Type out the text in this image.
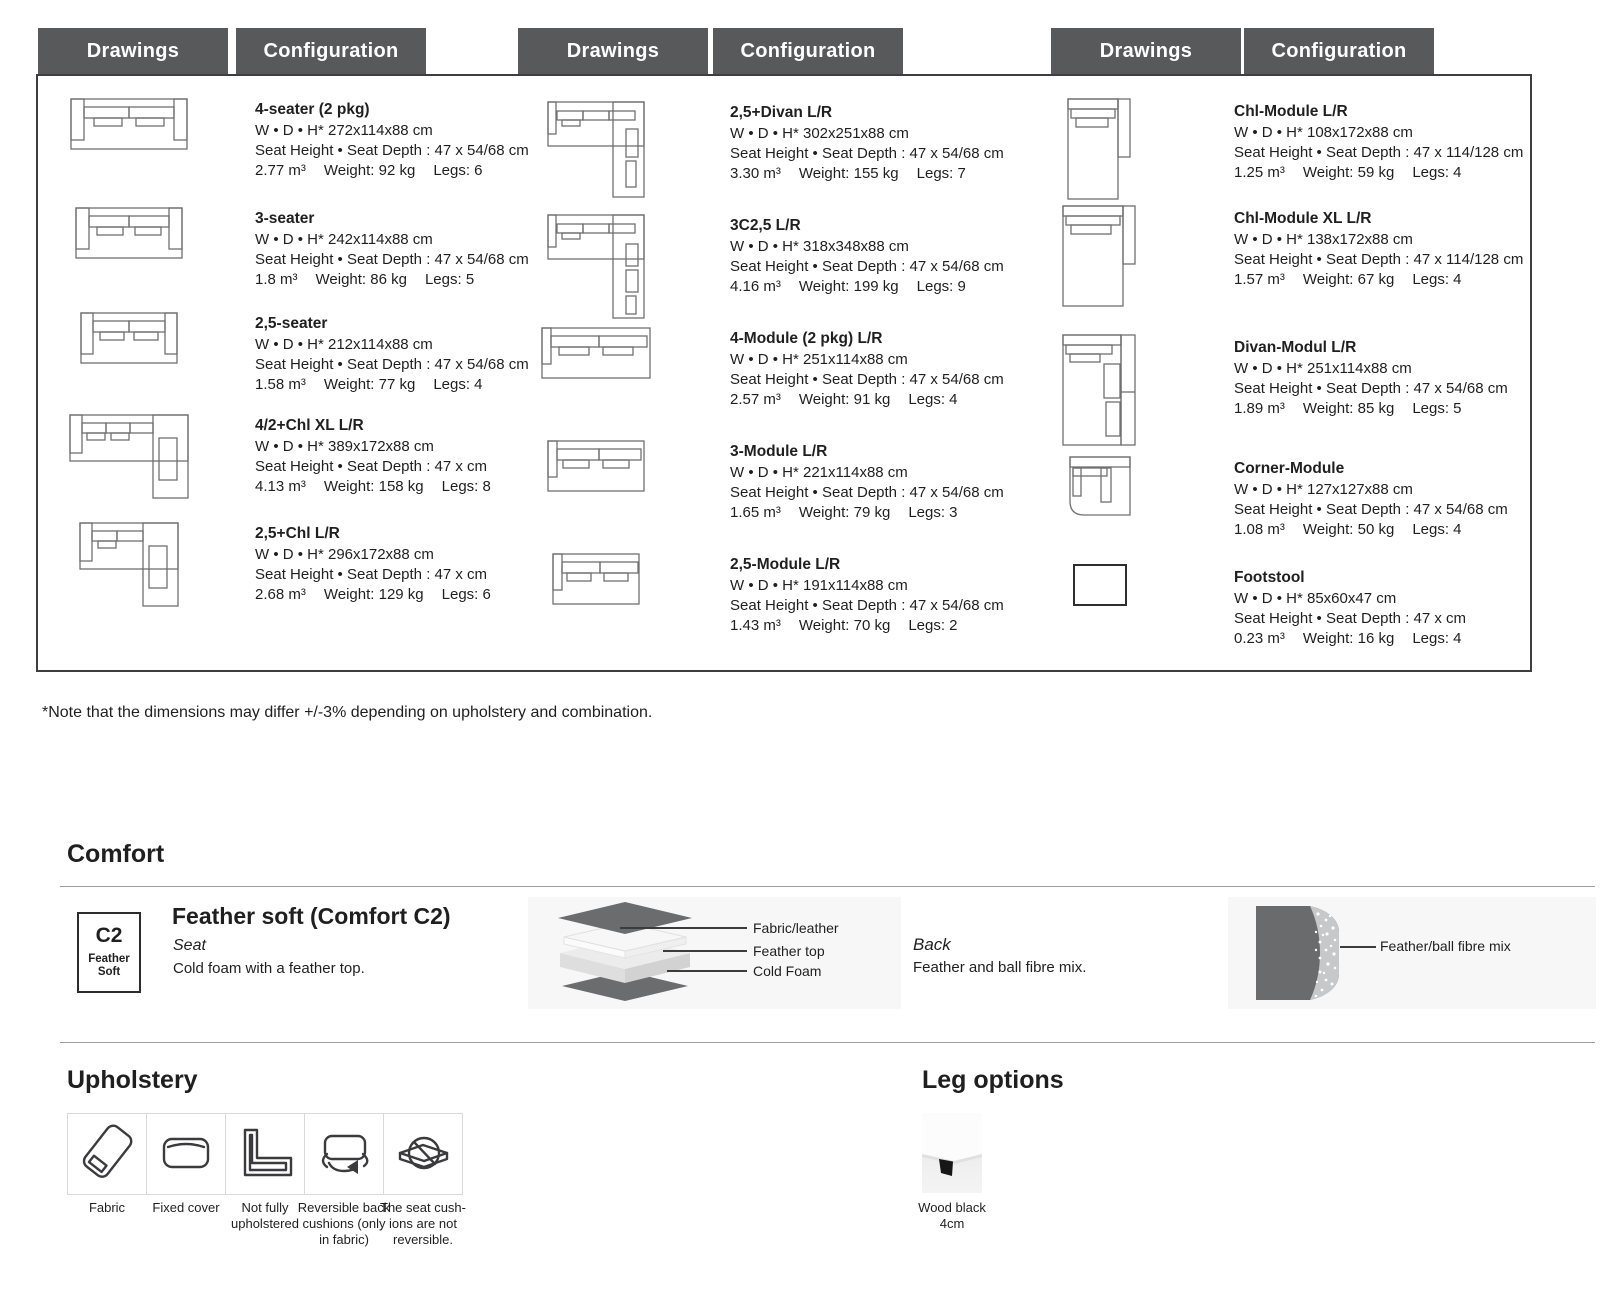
Drawings	Configuration	Drawings	Configuration	Drawings	Configuration
4-seater (2 pkg)
W • D • H* 272x114x88 cm
Seat Height • Seat Depth : 47 x 54/68 cm
2.77 m³ Weight: 92 kg Legs: 6
3-seater
W • D • H* 242x114x88 cm
Seat Height • Seat Depth : 47 x 54/68 cm
1.8 m³ Weight: 86 kg Legs: 5
2,5-seater
W • D • H* 212x114x88 cm
Seat Height • Seat Depth : 47 x 54/68 cm
1.58 m³ Weight: 77 kg Legs: 4
4/2+Chl XL L/R
W • D • H* 389x172x88 cm
Seat Height • Seat Depth : 47 x cm
4.13 m³ Weight: 158 kg Legs: 8
2,5+Chl L/R
W • D • H* 296x172x88 cm
Seat Height • Seat Depth : 47 x cm
2.68 m³ Weight: 129 kg Legs: 6
2,5+Divan L/R
W • D • H* 302x251x88 cm
Seat Height • Seat Depth : 47 x 54/68 cm
3.30 m³ Weight: 155 kg Legs: 7
3C2,5 L/R
W • D • H* 318x348x88 cm
Seat Height • Seat Depth : 47 x 54/68 cm
4.16 m³ Weight: 199 kg Legs: 9
4-Module (2 pkg) L/R
W • D • H* 251x114x88 cm
Seat Height • Seat Depth : 47 x 54/68 cm
2.57 m³ Weight: 91 kg Legs: 4
3-Module L/R
W • D • H* 221x114x88 cm
Seat Height • Seat Depth : 47 x 54/68 cm
1.65 m³ Weight: 79 kg Legs: 3
2,5-Module L/R
W • D • H* 191x114x88 cm
Seat Height • Seat Depth : 47 x 54/68 cm
1.43 m³ Weight: 70 kg Legs: 2
Chl-Module L/R
W • D • H* 108x172x88 cm
Seat Height • Seat Depth : 47 x 114/128 cm
1.25 m³ Weight: 59 kg Legs: 4
Chl-Module XL L/R
W • D • H* 138x172x88 cm
Seat Height • Seat Depth : 47 x 114/128 cm
1.57 m³ Weight: 67 kg Legs: 4
Divan-Modul L/R
W • D • H* 251x114x88 cm
Seat Height • Seat Depth : 47 x 54/68 cm
1.89 m³ Weight: 85 kg Legs: 5
Corner-Module
W • D • H* 127x127x88 cm
Seat Height • Seat Depth : 47 x 54/68 cm
1.08 m³ Weight: 50 kg Legs: 4
Footstool
W • D • H* 85x60x47 cm
Seat Height • Seat Depth : 47 x cm
0.23 m³ Weight: 16 kg Legs: 4
*Note that the dimensions may differ +/-3% depending on upholstery and combination.
Comfort
C2
Feather Soft
Feather soft (Comfort C2)
Seat
Cold foam with a feather top.
Fabric/leather
Feather top
Cold Foam
Back
Feather and ball fibre mix.
Feather/ball fibre mix
Upholstery
Fabric	Fixed cover	Not fully upholstered
Reversible back cushions (only in fabric)
The seat cush-ions are not reversible.
Leg options
Wood black 4cm
